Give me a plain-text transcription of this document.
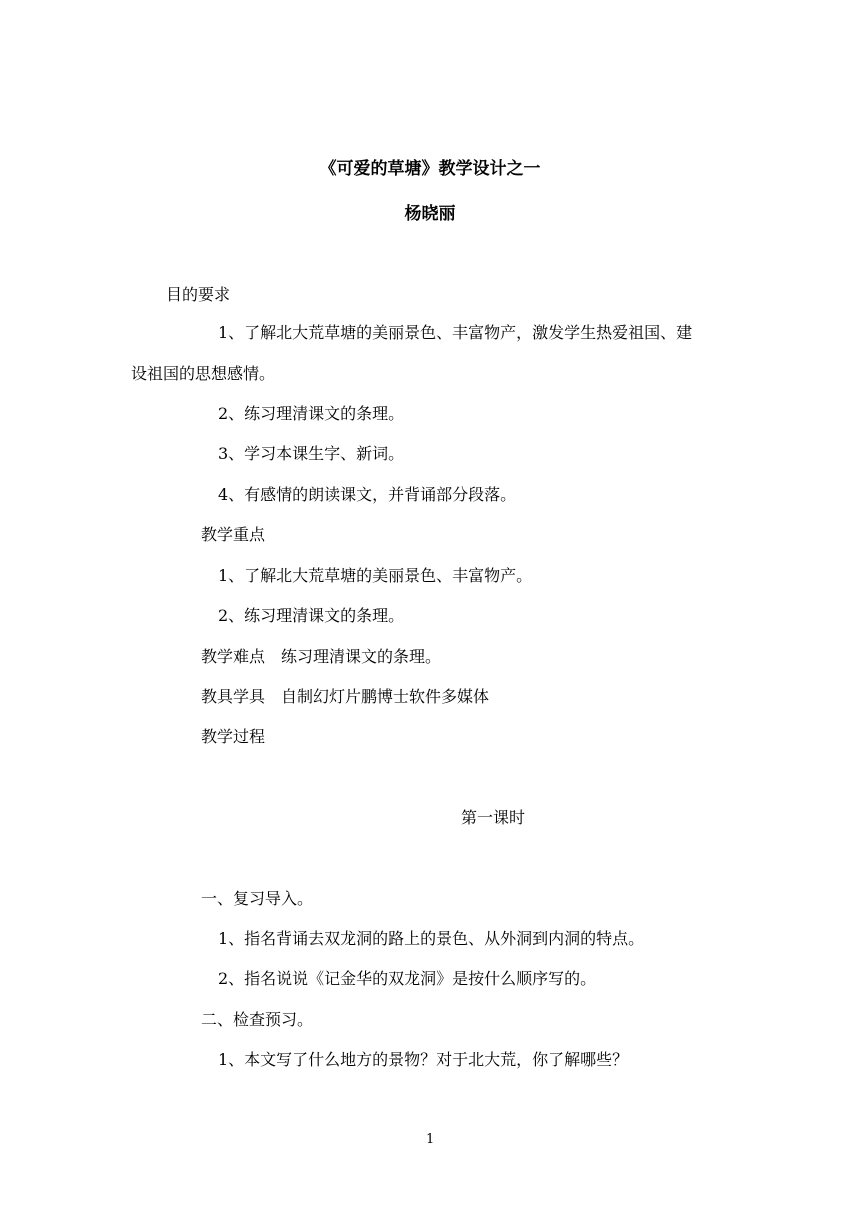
《可爱的草塘》教学设计之一
杨晓丽
目的要求
1、了解北大荒草塘的美丽景色、丰富物产，激发学生热爱祖国、建
设祖国的思想感情。
2、练习理清课文的条理。
3、学习本课生字、新词。
4、有感情的朗读课文，并背诵部分段落。
教学重点
1、了解北大荒草塘的美丽景色、丰富物产。
2、练习理清课文的条理。
教学难点　练习理清课文的条理。
教具学具　自制幻灯片鹏博士软件多媒体
教学过程
第一课时
一、复习导入。
1、指名背诵去双龙洞的路上的景色、从外洞到内洞的特点。
2、指名说说《记金华的双龙洞》是按什么顺序写的。
二、检查预习。
1、本文写了什么地方的景物？对于北大荒，你了解哪些？
1
